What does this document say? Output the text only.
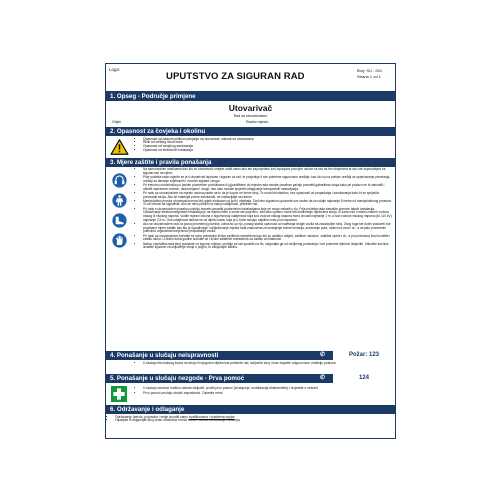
Logo:
UPUTSTVO ZA SIGURAN RAD
Broj: SU - 001
Strana 1 od 1
1. Opseg - Područje primjene
Utovarivač
Rad sa utovarivačem
Odjel:	Radno mjesto:
2. Opasnost za čovjeka i okolinu
• Opasnost od padova prilikom penjanja na utovarivač, silazak sa utovarivača
• Rizik od velikog nivoa buke
• Opasnost od vanjskog saobraćaja
• Opasnost od električnih instalacija
3. Mjere zaštite i pravila ponašanja
• Na samohodnim mašinama kao što su utovarivači smijete raditi samo ako ste zapovjedeni kod ispunjava povoljne uslove za rad na tim strojevima te ako ste osposobljeni za siguran rad na njima.
• Prije početka rada uvjerite se je li utovarivač ispravan i siguran za rad, te posjeduje li sve potrebne sigurnosne uređaje; kao što su na primjer uređaji za sprječavanje prevrtanja, uređaji za davanje svjetlosnih i zvučnih signala i drugo.
• Pri trenutnu utovarivača po javnim prometnim površinama ili (g)radilištem do mjesta rada morate poseban pažnju posvetiti gabaritima stroja kako pri prolazu ne bi zahvatili i oštetili nadzemne vodove, nadvožnjake i drugo. Isto tako morate sprječiti odlagivanje transportnih sastavljanja.
• Pri radu sa utovarivačem na mjestu radova pazite na to da je kopno ne kreće stroj. To mora biti stabilno, bez opasnosti od propadanja i zarušavanja kako bi se spriječilo prevrtanje stroja. Ako se materijal počne zarušavati, ne nastavljajte sa radom.
• Manipulativni prostor utovarivača mora biti uvijek slobodan od ljudi i objekata. Zvučnim signalom upozorite sve osobe da se udalje najmanje 8 metra od manipulativnog prostora. To se odnosi na signaliste. Ako se neko približi na manju udaljenost, prekinite rad.
• Pri radu s utovarivačem posebnu pažnju morate posvetiti podzemnim instalacijama koje se mogu nalaziti u tlu. Prije početka rada zatražite planove takvih instalacija. Odbacivanje elektroenergetskih instalacija je na mjestu bliže o kome ste suprotno. Isto tako opasno može biti dodirivanje dijelovima stroja. Ili samo rad u blizini zračnih vodova niskog ili visokog napona. Vodite svjesni računa o sigurnosnoj udaljenosti koja kod vodova niskog napona mora iznositi najmanje 1 m, a kod vodova visokog napona (do 110 kV) najmanje 2,5 m. Ova udaljenost računa se od dijela vozila, koja je u tome slučaju najbliža vodu pod naponom.
• Ako se utovarivačem radi na javnoj prometnoj površini, odnosno uz nju, postoji stalna opasnost od naletanja drugih vozila na zaustavljen stroj. Zbog toga ste dužni poduzeti sve propisane mjere zaštite kao što je ograđivanje i obilježavanje mjesta rada znakovima za smanjenje brzine kretanja, sužavanje puta, radovi na cesti i dr., a na jako prometnim putevima organizirati izmjenično propuštanje vozila.
• Pri radu sa utovarivačem koristite se svim potrebnim ličnim zaštitnim sredstvima kao što su zaštitno odijelo, zaštitne rukavice, zaštitne cipele i dr., a pri povećanoj buci koristite i zaštitu sluha. U blizini doba godine koristite se i ličnim zaštitnim sredstvima za zaštitu od hladnoće.
• Nakon završetka rada stroj postavite na sigurno mjesto, uređaje za rad spustite na tlo; osigurajte ga od nežljenog pomicanja i sve pokretne dijelove isključite. Zakočite kočnice, izvadite ključeve za uključenje stroja u pogon, te zaključajte kabinu.
4. Ponašanje u slučaju neispravnosti	✆	Požar: 123
• U slučaju bilo kakvog kvara na stroju ili njegovim dijelovima prekinite rad, isključite stroj i kvar dojavite odgovornom voditelju poslova.
5. Ponašanje u slučaju nezgode - Prva pomoć	✆	124
• U slučaju nesreće mašinu odmah isključiti, pružiti prvu pomoć (izvanjenje, mobilizacija ekstremiteta) i izvjestite o nesreći.
• Prvu pomoć pružaju stručni zaposlenici. Ostanite mirni.
6. Održavanje i odlaganje
• Održavanje (servis, popravka i smije izvoditi samo kvalifikovana i ovlaštena osoba
• Otpatpile ili osigurajte stroj izvan električne mreže tokom radova održavanja i čišćenja.
